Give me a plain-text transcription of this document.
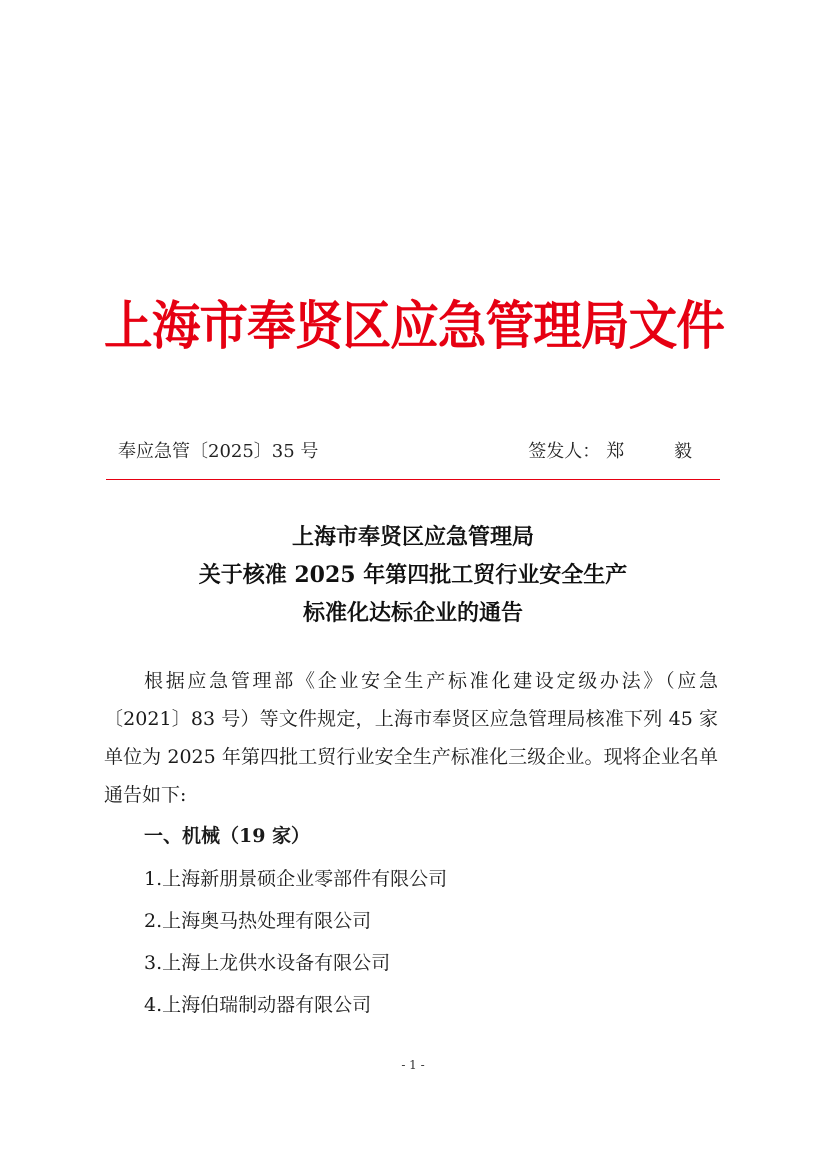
上海市奉贤区应急管理局文件
奉应急管〔2025〕35 号	签发人： 郑 毅
上海市奉贤区应急管理局
关于核准 2025 年第四批工贸行业安全生产
标准化达标企业的通告

根据应急管理部《企业安全生产标准化建设定级办法》（应急〔2021〕83 号）等文件规定，上海市奉贤区应急管理局核准下列 45 家单位为 2025 年第四批工贸行业安全生产标准化三级企业。现将企业名单通告如下:

一、机械（19 家）
1.上海新朋景硕企业零部件有限公司
2.上海奥马热处理有限公司
3.上海上龙供水设备有限公司
4.上海伯瑞制动器有限公司
- 1 -
